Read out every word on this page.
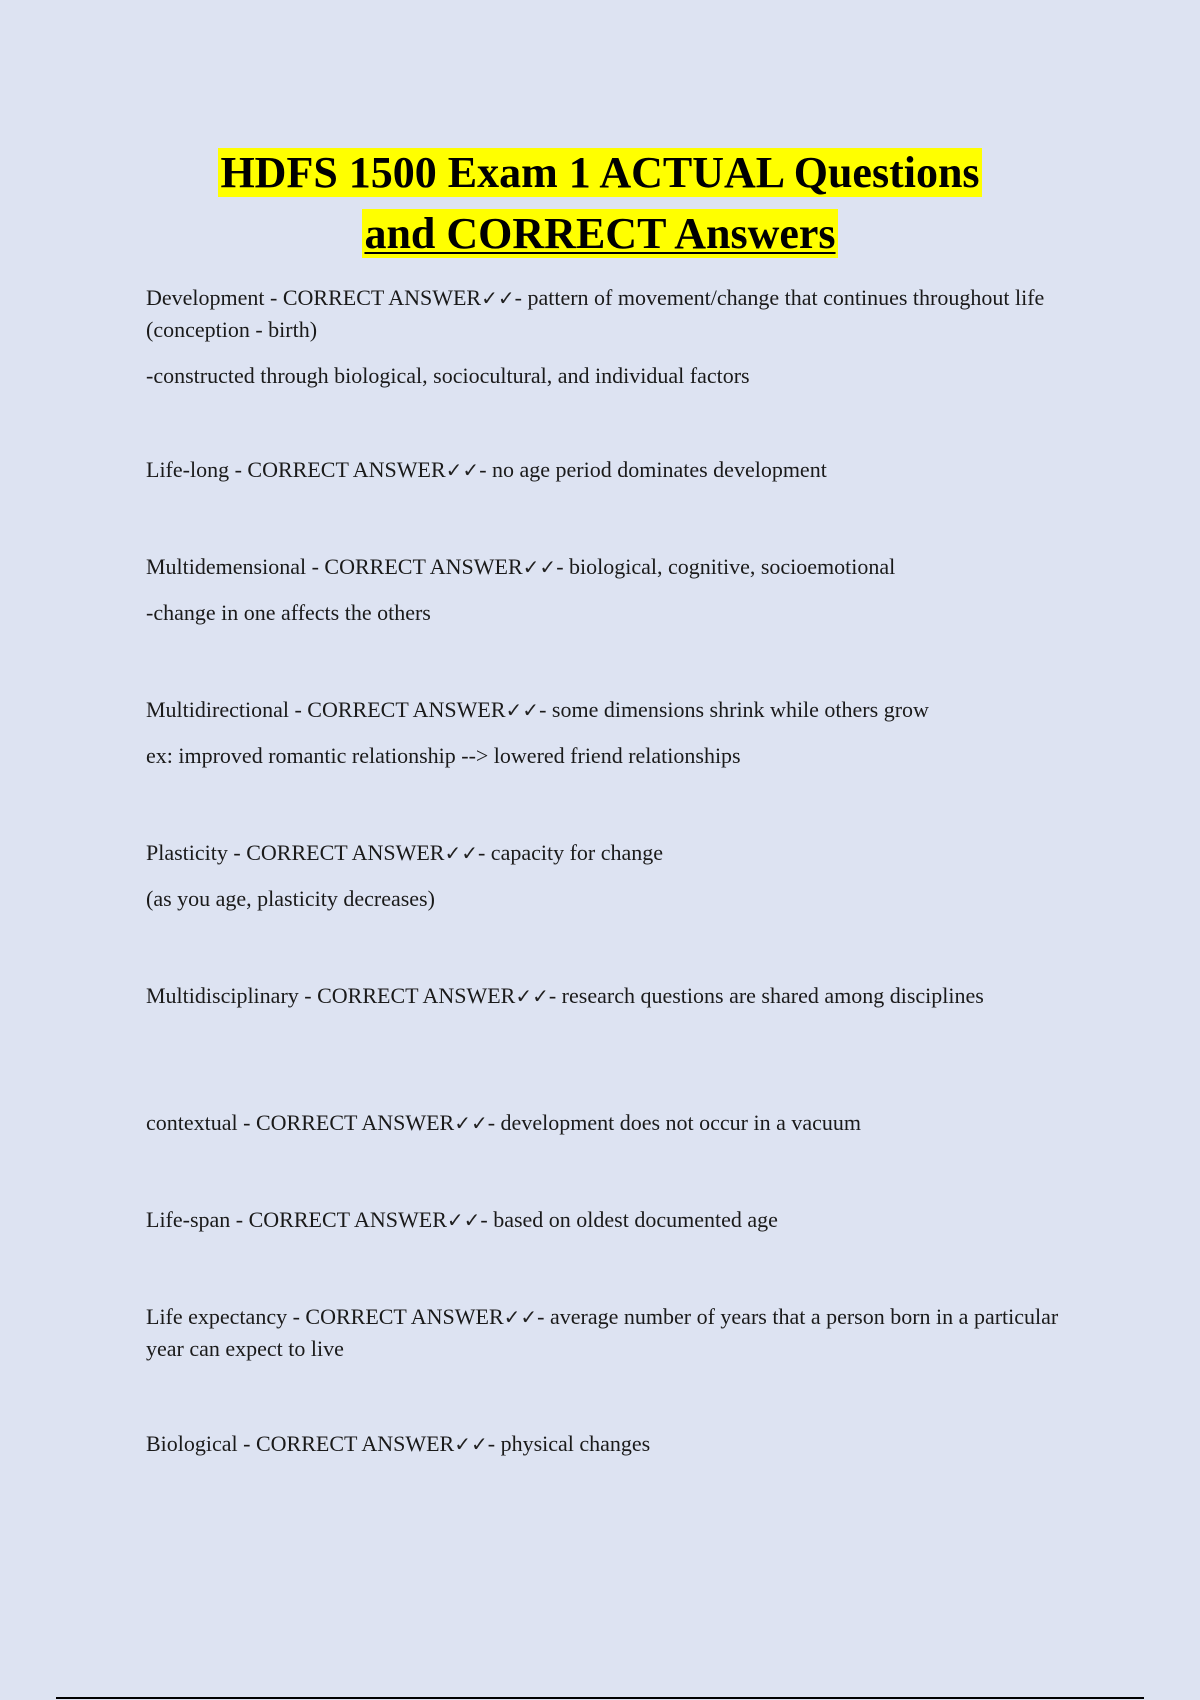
HDFS 1500 Exam 1 ACTUAL Questions
and CORRECT Answers

Development - CORRECT ANSWER✓✓- pattern of movement/change that continues throughout life (conception - birth)

-constructed through biological, sociocultural, and individual factors

Life-long - CORRECT ANSWER✓✓- no age period dominates development

Multidemensional - CORRECT ANSWER✓✓- biological, cognitive, socioemotional

-change in one affects the others

Multidirectional - CORRECT ANSWER✓✓- some dimensions shrink while others grow

ex: improved romantic relationship --> lowered friend relationships

Plasticity - CORRECT ANSWER✓✓- capacity for change

(as you age, plasticity decreases)

Multidisciplinary - CORRECT ANSWER✓✓- research questions are shared among disciplines

contextual - CORRECT ANSWER✓✓- development does not occur in a vacuum

Life-span - CORRECT ANSWER✓✓- based on oldest documented age

Life expectancy - CORRECT ANSWER✓✓- average number of years that a person born in a particular year can expect to live

Biological - CORRECT ANSWER✓✓- physical changes
